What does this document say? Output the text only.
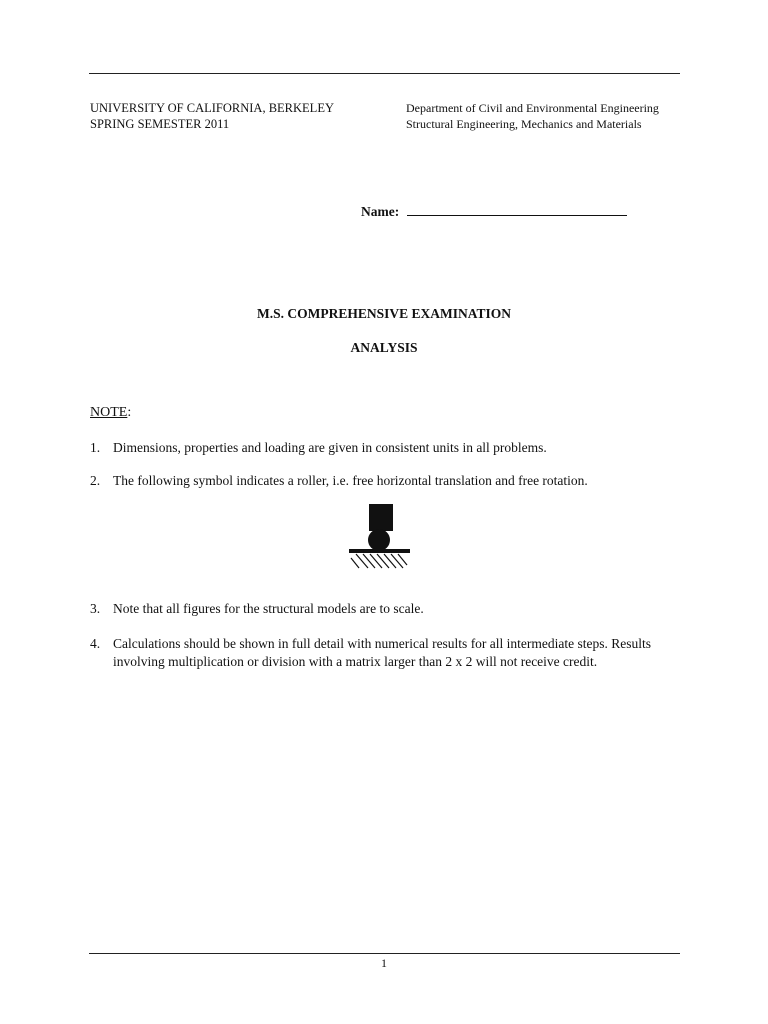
UNIVERSITY OF CALIFORNIA, BERKELEY
SPRING SEMESTER 2011
Department of Civil and Environmental Engineering
Structural Engineering, Mechanics and Materials
Name:
M.S. COMPREHENSIVE EXAMINATION
ANALYSIS
NOTE:
1. Dimensions, properties and loading are given in consistent units in all problems.
2. The following symbol indicates a roller, i.e. free horizontal translation and free rotation.
3. Note that all figures for the structural models are to scale.
4. Calculations should be shown in full detail with numerical results for all intermediate steps. Results involving multiplication or division with a matrix larger than 2 x 2 will not receive credit.
1
